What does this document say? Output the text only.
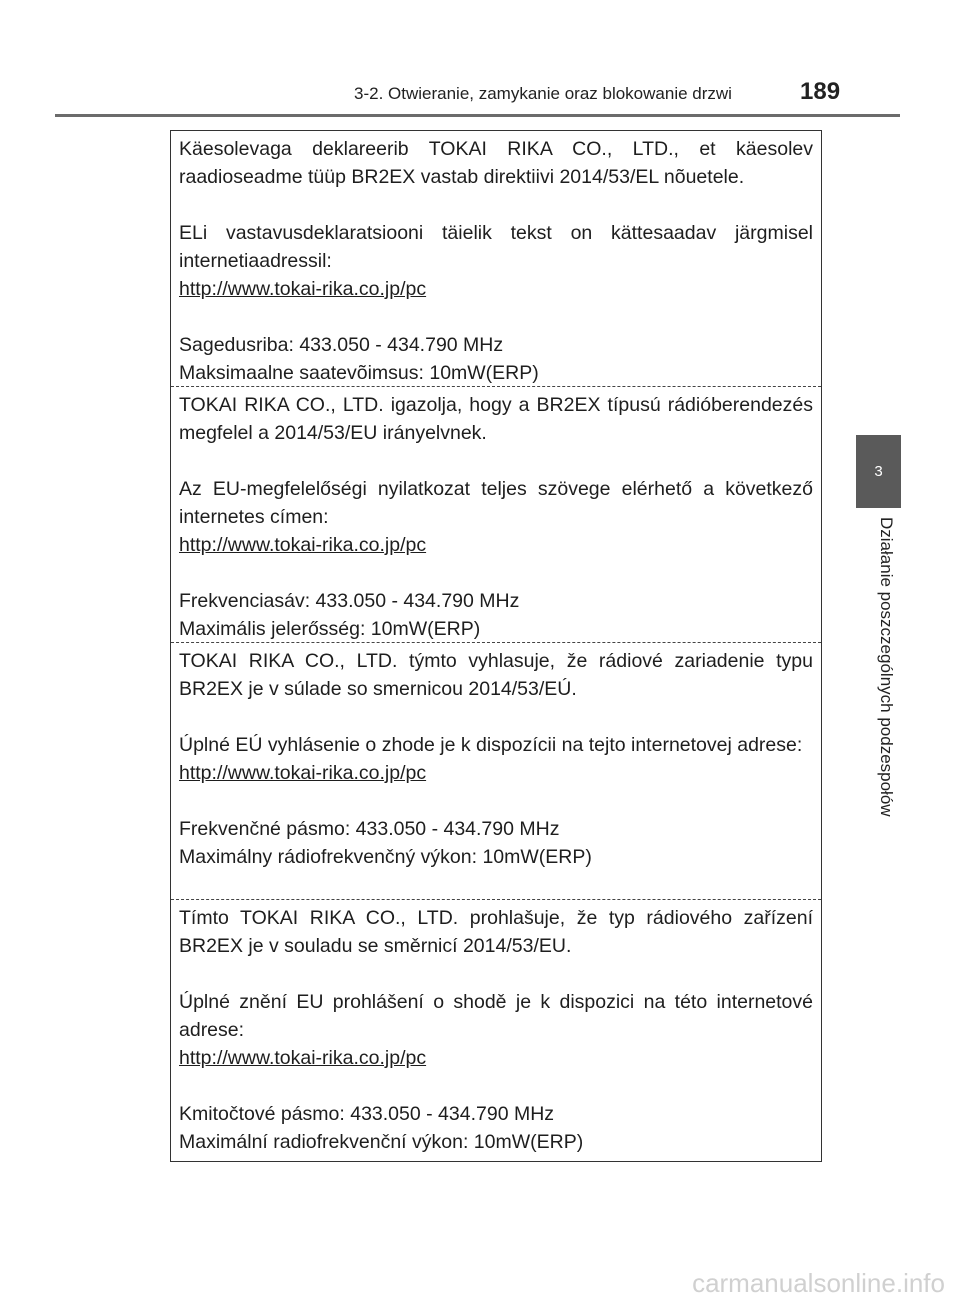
3-2. Otwieranie, zamykanie oraz blokowanie drzwi	189
3
Działanie poszczególnych podzespołów

Käesolevaga deklareerib TOKAI RIKA CO., LTD., et käesolev raadioseadme tüüp BR2EX vastab direktiivi 2014/53/EL nõuetele.

ELi vastavusdeklaratsiooni täielik tekst on kättesaadav järgmisel internetiaadressil:

http://www.tokai-rika.co.jp/pc

Sagedusriba: 433.050 - 434.790 MHz

Maksimaalne saatevõimsus: 10mW(ERP)

TOKAI RIKA CO., LTD. igazolja, hogy a BR2EX típusú rádióberendezés megfelel a 2014/53/EU irányelvnek.

Az EU-megfelelőségi nyilatkozat teljes szövege elérhető a következő internetes címen:

http://www.tokai-rika.co.jp/pc

Frekvenciasáv: 433.050 - 434.790 MHz

Maximális jelerősség: 10mW(ERP)

TOKAI RIKA CO., LTD. týmto vyhlasuje, že rádiové zariadenie typu BR2EX je v súlade so smernicou 2014/53/EÚ.

Úplné EÚ vyhlásenie o zhode je k dispozícii na tejto internetovej adrese:

http://www.tokai-rika.co.jp/pc

Frekvenčné pásmo: 433.050 - 434.790 MHz

Maximálny rádiofrekvenčný výkon: 10mW(ERP)

Tímto TOKAI RIKA CO., LTD. prohlašuje, že typ rádiového zařízení BR2EX je v souladu se směrnicí 2014/53/EU.

Úplné znění EU prohlášení o shodě je k dispozici na této internetové adrese:

http://www.tokai-rika.co.jp/pc

Kmitočtové pásmo: 433.050 - 434.790 MHz

Maximální radiofrekvenční výkon: 10mW(ERP)

carmanualsonline.info
